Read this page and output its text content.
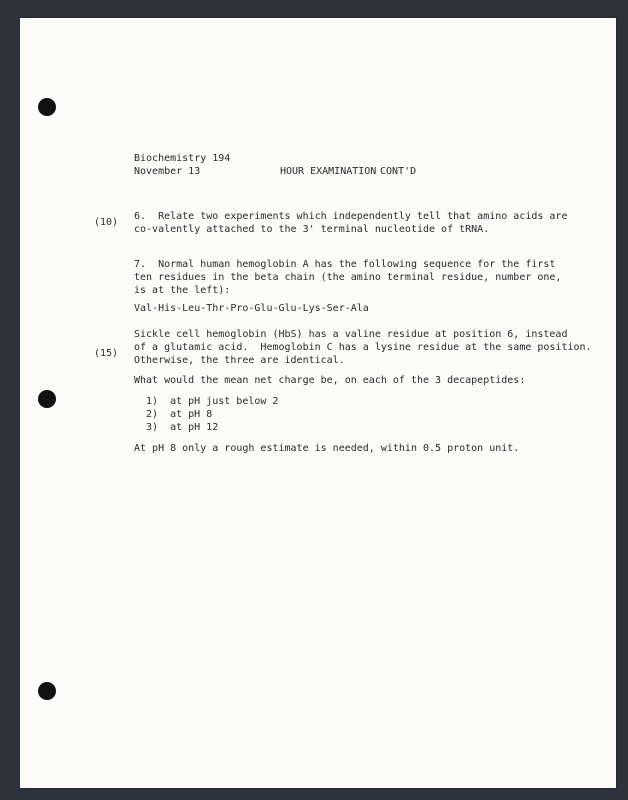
Biochemistry 194
November 13	HOUR EXAMINATION CONT'D
(10)
6.  Relate two experiments which independently tell that amino acids are
co-valently attached to the 3' terminal nucleotide of tRNA.
7.  Normal human hemoglobin A has the following sequence for the first
ten residues in the beta chain (the amino terminal residue, number one,
is at the left):
Val-His-Leu-Thr-Pro-Glu-Glu-Lys-Ser-Ala
Sickle cell hemoglobin (HbS) has a valine residue at position 6, instead
of a glutamic acid.  Hemoglobin C has a lysine residue at the same position.
(15)
Otherwise, the three are identical.
What would the mean net charge be, on each of the 3 decapeptides:
1)  at pH just below 2
2)  at pH 8
3)  at pH 12
At pH 8 only a rough estimate is needed, within 0.5 proton unit.
